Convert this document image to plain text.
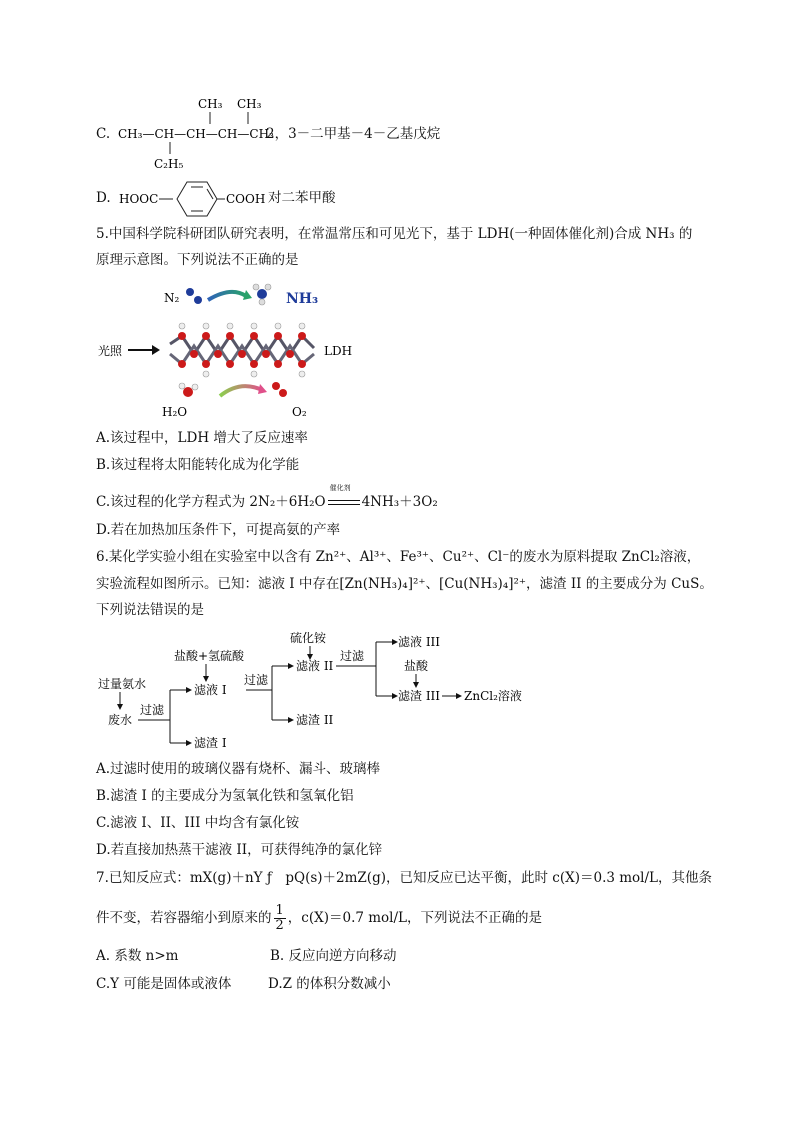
C.
CH₃ CH₃
CH₃—CH—CH—CH—CH₃
C₂H₅
2，3－二甲基－4－乙基戊烷
D. HOOC	COOH 对二苯甲酸
5.中国科学院科研团队研究表明，在常温常压和可见光下，基于 LDH(一种固体催化剂)合成 NH₃ 的
原理示意图。下列说法不正确的是
N₂	NH₃
光照	LDH
H₂O	O₂
A.该过程中，LDH 增大了反应速率
B.该过程将太阳能转化成为化学能
C.该过程的化学方程式为 2N₂＋6H₂O
催化剂
4NH₃＋3O₂
D.若在加热加压条件下，可提高氨的产率
6.某化学实验小组在实验室中以含有 Zn²⁺、Al³⁺、Fe³⁺、Cu²⁺、Cl⁻的废水为原料提取 ZnCl₂溶液，
实验流程如图所示。已知：滤液 I 中存在[Zn(NH₃)₄]²⁺、[Cu(NH₃)₄]²⁺，滤渣 II 的主要成分为 CuS。
下列说法错误的是
过量氨水
废水
过滤
盐酸+氢硫酸
滤液 I
过滤
滤渣 I
硫化铵
滤液 II
滤渣 II
过滤
滤液 III
盐酸
滤渣 III ZnCl₂溶液
A.过滤时使用的玻璃仪器有烧杯、漏斗、玻璃棒
B.滤渣 I 的主要成分为氢氧化铁和氢氧化铝
C.滤液 I、II、III 中均含有氯化铵
D.若直接加热蒸干滤液 II，可获得纯净的氯化锌
7.已知反应式：mX(g)＋nY ƒ　pQ(s)＋2mZ(g)，已知反应已达平衡，此时 c(X)＝0.3 mol/L，其他条
件不变，若容器缩小到原来的 $\frac{1}{2}$ ，c(X)＝0.7 mol/L，下列说法不正确的是
A. 系数 n>m	B. 反应向逆方向移动
C.Y 可能是固体或液体	D.Z 的体积分数减小
